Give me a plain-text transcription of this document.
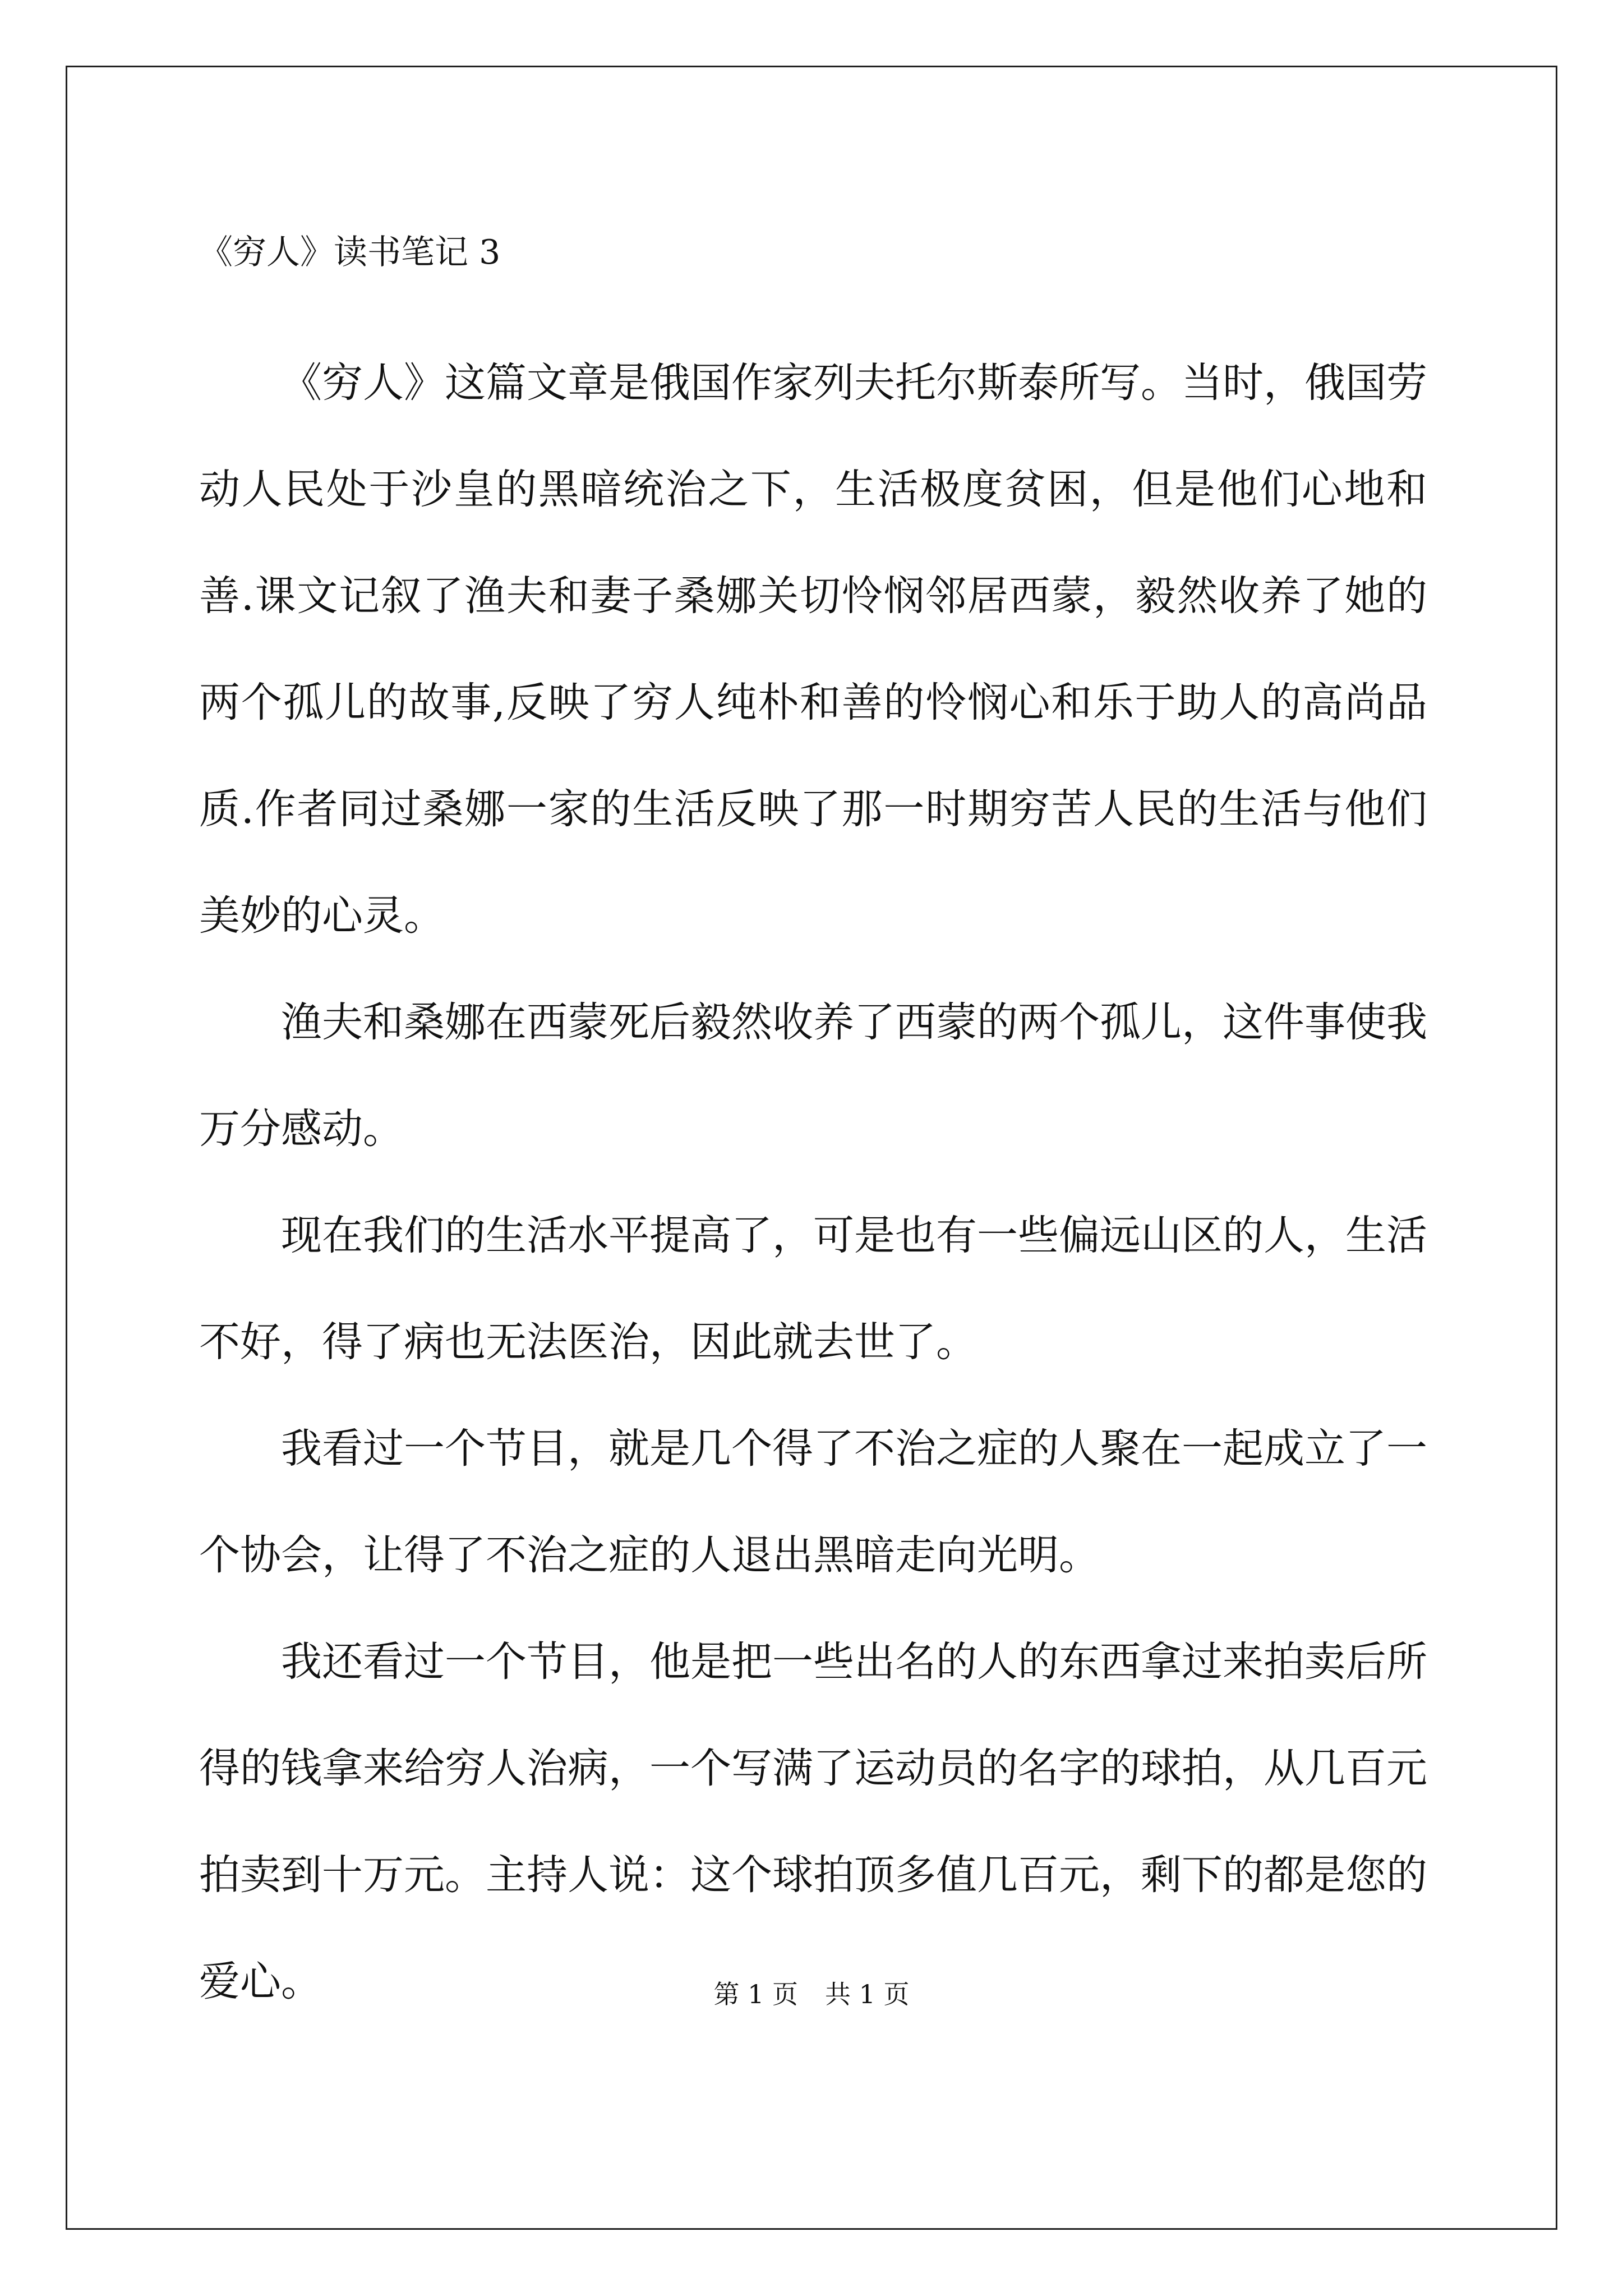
《穷人》读书笔记 3

《穷人》这篇文章是俄国作家列夫托尔斯泰所写。当时，俄国劳动人民处于沙皇的黑暗统治之下，生活极度贫困，但是他们心地和善.课文记叙了渔夫和妻子桑娜关切怜悯邻居西蒙，毅然收养了她的两个孤儿的故事,反映了穷人纯朴和善的怜悯心和乐于助人的高尚品质.作者同过桑娜一家的生活反映了那一时期穷苦人民的生活与他们美妙的心灵。

渔夫和桑娜在西蒙死后毅然收养了西蒙的两个孤儿，这件事使我万分感动。

现在我们的生活水平提高了，可是也有一些偏远山区的人，生活不好，得了病也无法医治，因此就去世了。

我看过一个节目，就是几个得了不治之症的人聚在一起成立了一个协会，让得了不治之症的人退出黑暗走向光明。

我还看过一个节目，他是把一些出名的人的东西拿过来拍卖后所得的钱拿来给穷人治病，一个写满了运动员的名字的球拍，从几百元拍卖到十万元。主持人说：这个球拍顶多值几百元，剩下的都是您的爱心。	第 1 页 共 1 页
